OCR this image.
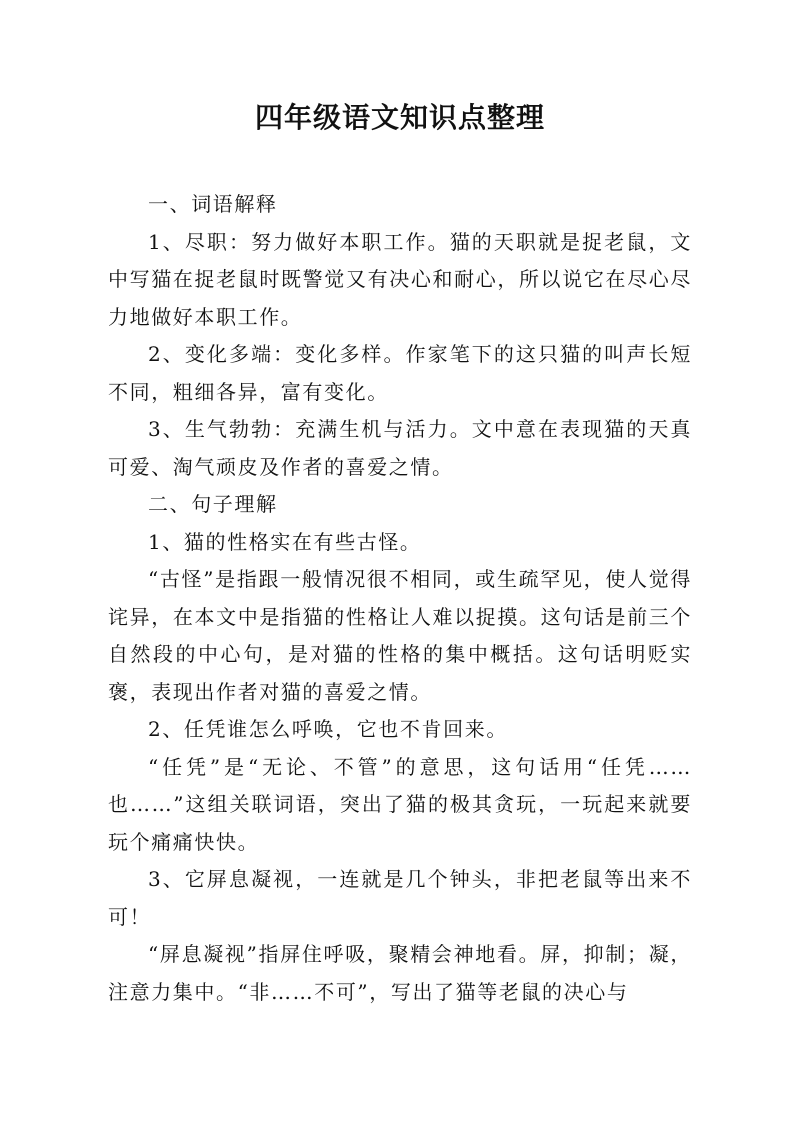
四年级语文知识点整理

一、词语解释

1、尽职：努力做好本职工作。猫的天职就是捉老鼠，文中写猫在捉老鼠时既警觉又有决心和耐心，所以说它在尽心尽力地做好本职工作。

2、变化多端：变化多样。作家笔下的这只猫的叫声长短不同，粗细各异，富有变化。

3、生气勃勃：充满生机与活力。文中意在表现猫的天真可爱、淘气顽皮及作者的喜爱之情。

二、句子理解

1、猫的性格实在有些古怪。

“古怪”是指跟一般情况很不相同，或生疏罕见，使人觉得诧异，在本文中是指猫的性格让人难以捉摸。这句话是前三个自然段的中心句，是对猫的性格的集中概括。这句话明贬实褒，表现出作者对猫的喜爱之情。

2、任凭谁怎么呼唤，它也不肯回来。

“任凭”是“无论、不管”的意思，这句话用“任凭……也……”这组关联词语，突出了猫的极其贪玩，一玩起来就要玩个痛痛快快。

3、它屏息凝视，一连就是几个钟头，非把老鼠等出来不可！

“屏息凝视”指屏住呼吸，聚精会神地看。屏，抑制；凝，注意力集中。“非……不可”，写出了猫等老鼠的决心与
